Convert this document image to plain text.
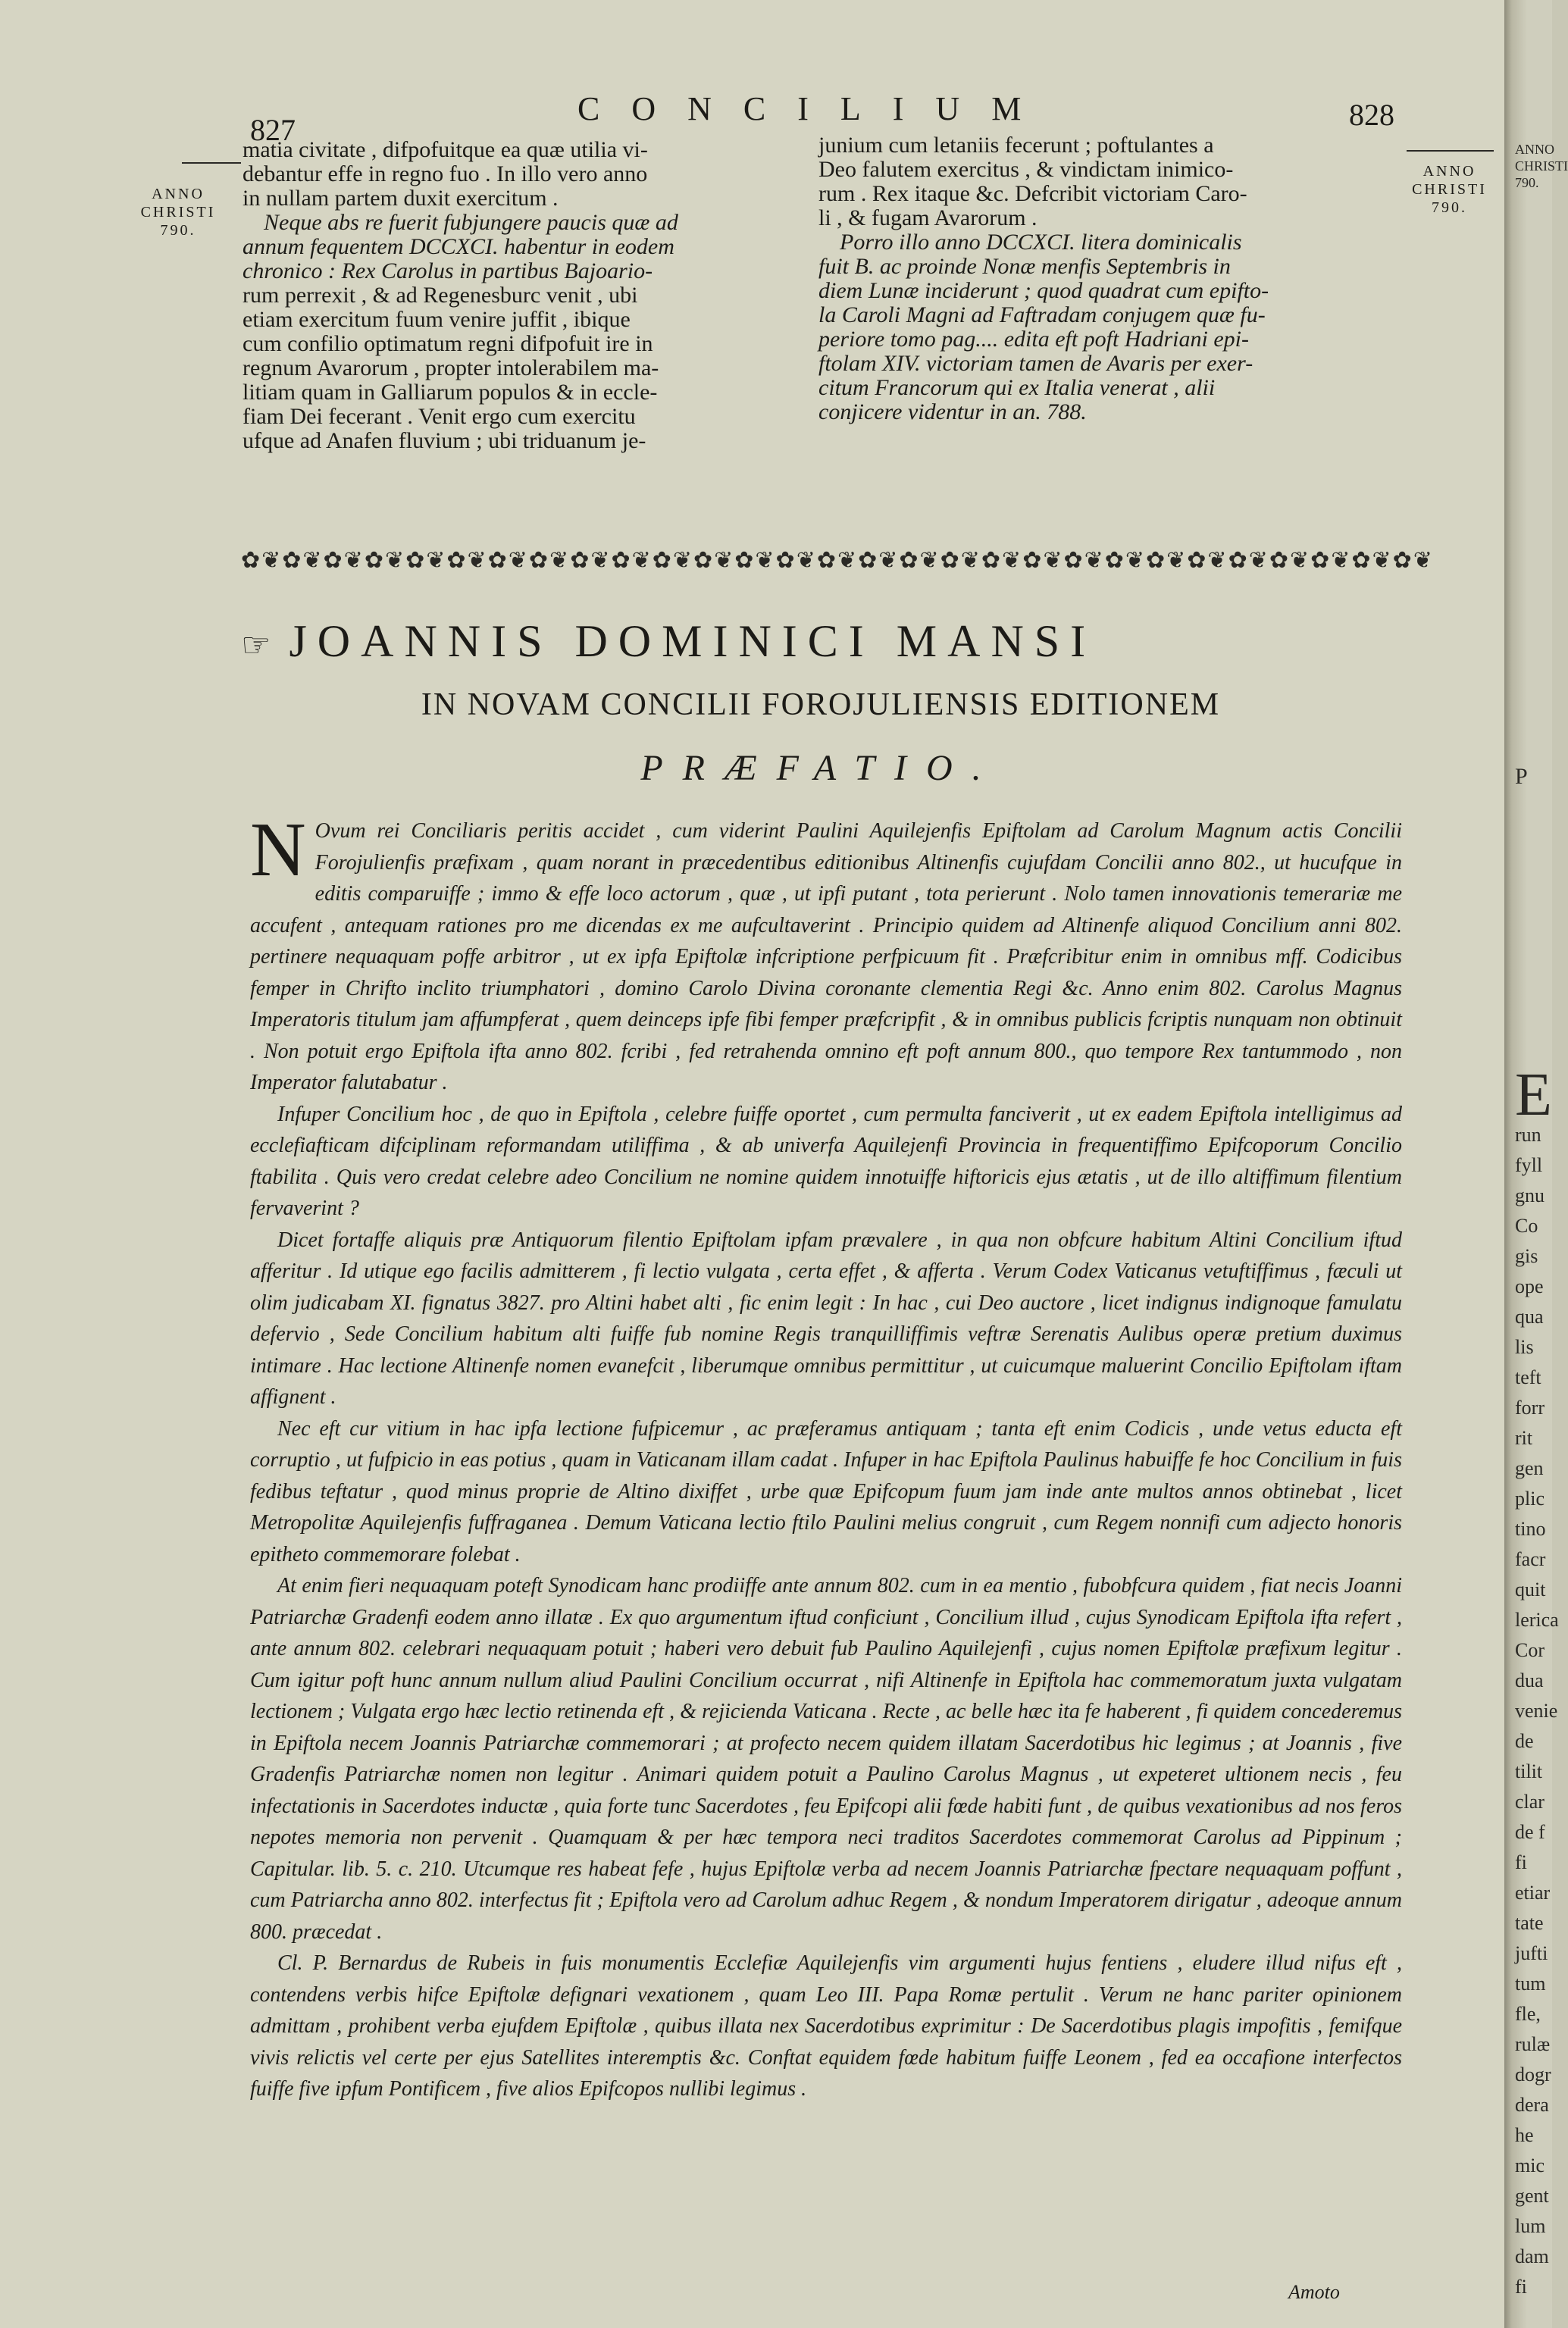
827
CONCILIUM	828
ANNO
CHRISTI
790.
ANNO
CHRISTI
790.

matia civitate , difpofuitque ea quæ utilia vi-

debantur effe in regno fuo . In illo vero anno

in nullam partem duxit exercitum .

Neque abs re fuerit fubjungere paucis quæ ad

annum fequentem DCCXCI. habentur in eodem

chronico : Rex Carolus in partibus Bajoario-

rum perrexit , & ad Regenesburc venit , ubi

etiam exercitum fuum venire juffit , ibique

cum confilio optimatum regni difpofuit ire in

regnum Avarorum , propter intolerabilem ma-

litiam quam in Galliarum populos & in eccle-

fiam Dei fecerant . Venit ergo cum exercitu

ufque ad Anafen fluvium ; ubi triduanum je-

junium cum letaniis fecerunt ; poftulantes a

Deo falutem exercitus , & vindictam inimico-

rum . Rex itaque &c. Defcribit victoriam Caro-

li , & fugam Avarorum .

Porro illo anno DCCXCI. litera dominicalis

fuit B. ac proinde Nonæ menfis Septembris in

diem Lunæ inciderunt ; quod quadrat cum epifto-

la Caroli Magni ad Faftradam conjugem quæ fu-

periore tomo pag.... edita eft poft Hadriani epi-

ftolam XIV. victoriam tamen de Avaris per exer-

citum Francorum qui ex Italia venerat , alii

conjicere videntur in an. 788.

✿❦✿❦✿❦✿❦✿❦✿❦✿❦✿❦✿❦✿❦✿❦✿❦✿❦✿❦✿❦✿❦✿❦✿❦✿❦✿❦✿❦✿❦✿❦✿❦✿❦✿❦✿❦✿❦✿❦
☞ JOANNIS DOMINICI MANSI
IN NOVAM CONCILII FOROJULIENSIS EDITIONEM
PRÆFATIO.

N Ovum rei Conciliaris peritis accidet , cum viderint Paulini Aquilejenfis Epiftolam ad Carolum Magnum actis Concilii Forojulienfis præfixam , quam norant in præcedentibus editionibus Altinenfis cujufdam Concilii anno 802., ut hucufque in editis comparuiffe ; immo & effe loco actorum , quæ , ut ipfi putant , tota perierunt . Nolo tamen innovationis temerariæ me accufent , antequam rationes pro me dicendas ex me aufcultaverint . Principio quidem ad Altinenfe aliquod Concilium anni 802. pertinere nequaquam poffe arbitror , ut ex ipfa Epiftolæ infcriptione perfpicuum fit . Præfcribitur enim in omnibus mff. Codicibus femper in Chrifto inclito triumphatori , domino Carolo Divina coronante clementia Regi &c. Anno enim 802. Carolus Magnus Imperatoris titulum jam affumpferat , quem deinceps ipfe fibi femper præfcripfit , & in omnibus publicis fcriptis nunquam non obtinuit . Non potuit ergo Epiftola ifta anno 802. fcribi , fed retrahenda omnino eft poft annum 800., quo tempore Rex tantummodo , non Imperator falutabatur .

Infuper Concilium hoc , de quo in Epiftola , celebre fuiffe oportet , cum permulta fanciverit , ut ex eadem Epiftola intelligimus ad ecclefiafticam difciplinam reformandam utiliffima , & ab univerfa Aquilejenfi Provincia in frequentiffimo Epifcoporum Concilio ftabilita . Quis vero credat celebre adeo Concilium ne nomine quidem innotuiffe hiftoricis ejus ætatis , ut de illo altiffimum filentium fervaverint ?

Dicet fortaffe aliquis præ Antiquorum filentio Epiftolam ipfam prævalere , in qua non obfcure habitum Altini Concilium iftud afferitur . Id utique ego facilis admitterem , fi lectio vulgata , certa effet , & afferta . Verum Codex Vaticanus vetuftiffimus , fæculi ut olim judicabam XI. fignatus 3827. pro Altini habet alti , fic enim legit : In hac , cui Deo auctore , licet indignus indignoque famulatu defervio , Sede Concilium habitum alti fuiffe fub nomine Regis tranquilliffimis veftræ Serenatis Aulibus operæ pretium duximus intimare . Hac lectione Altinenfe nomen evanefcit , liberumque omnibus permittitur , ut cuicumque maluerint Concilio Epiftolam iftam affignent .

Nec eft cur vitium in hac ipfa lectione fufpicemur , ac præferamus antiquam ; tanta eft enim Codicis , unde vetus educta eft corruptio , ut fufpicio in eas potius , quam in Vaticanam illam cadat . Infuper in hac Epiftola Paulinus habuiffe fe hoc Concilium in fuis fedibus teftatur , quod minus proprie de Altino dixiffet , urbe quæ Epifcopum fuum jam inde ante multos annos obtinebat , licet Metropolitæ Aquilejenfis fuffraganea . Demum Vaticana lectio ftilo Paulini melius congruit , cum Regem nonnifi cum adjecto honoris epitheto commemorare folebat .

At enim fieri nequaquam poteft Synodicam hanc prodiiffe ante annum 802. cum in ea mentio , fubobfcura quidem , fiat necis Joanni Patriarchæ Gradenfi eodem anno illatæ . Ex quo argumentum iftud conficiunt , Concilium illud , cujus Synodicam Epiftola ifta refert , ante annum 802. celebrari nequaquam potuit ; haberi vero debuit fub Paulino Aquilejenfi , cujus nomen Epiftolæ præfixum legitur . Cum igitur poft hunc annum nullum aliud Paulini Concilium occurrat , nifi Altinenfe in Epiftola hac commemoratum juxta vulgatam lectionem ; Vulgata ergo hæc lectio retinenda eft , & rejicienda Vaticana . Recte , ac belle hæc ita fe haberent , fi quidem concederemus in Epiftola necem Joannis Patriarchæ commemorari ; at profecto necem quidem illatam Sacerdotibus hic legimus ; at Joannis , five Gradenfis Patriarchæ nomen non legitur . Animari quidem potuit a Paulino Carolus Magnus , ut expeteret ultionem necis , feu infectationis in Sacerdotes inductæ , quia forte tunc Sacerdotes , feu Epifcopi alii fœde habiti funt , de quibus vexationibus ad nos feros nepotes memoria non pervenit . Quamquam & per hæc tempora neci traditos Sacerdotes commemorat Carolus ad Pippinum ; Capitular. lib. 5. c. 210. Utcumque res habeat fefe , hujus Epiftolæ verba ad necem Joannis Patriarchæ fpectare nequaquam poffunt , cum Patriarcha anno 802. interfectus fit ; Epiftola vero ad Carolum adhuc Regem , & nondum Imperatorem dirigatur , adeoque annum 800. præcedat .

Cl. P. Bernardus de Rubeis in fuis monumentis Ecclefiæ Aquilejenfis vim argumenti hujus fentiens , eludere illud nifus eft , contendens verbis hifce Epiftolæ defignari vexationem , quam Leo III. Papa Romæ pertulit . Verum ne hanc pariter opinionem admittam , prohibent verba ejufdem Epiftolæ , quibus illata nex Sacerdotibus exprimitur : De Sacerdotibus plagis impofitis , femifque vivis relictis vel certe per ejus Satellites interemptis &c. Conftat equidem fœde habitum fuiffe Leonem , fed ea occafione interfectos fuiffe five ipfum Pontificem , five alios Epifcopos nullibi legimus .

Amoto
ANNO
CHRISTI
790.
P
E
run
fyll
gnu
Co
gis
ope
qua
lis
teft
forr
rit
gen
plic
tino
facr
quit
lerica
Cor
dua
venie
de
tilit
clar
de f
fi
etiar
tate
jufti
tum
fle,
rulæ
dogr
dera
he
mic
gent
lum
dam
fi
